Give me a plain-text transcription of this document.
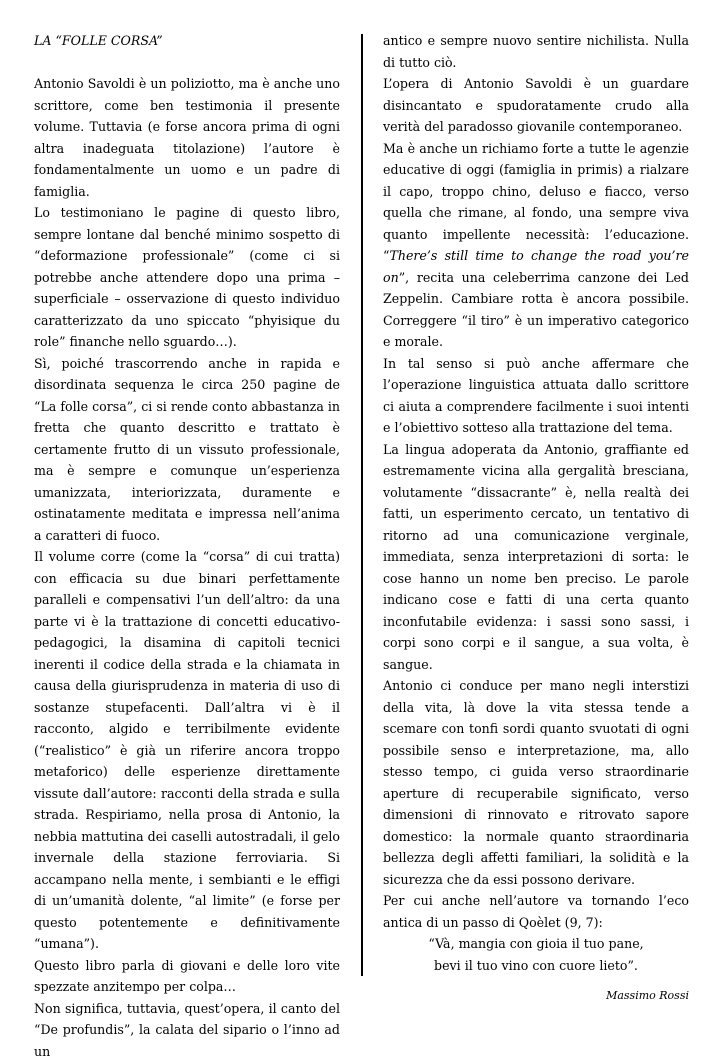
LA “FOLLE CORSA”

Antonio Savoldi è un poliziotto, ma è anche uno scrittore, come ben testimonia il presente volume. Tuttavia (e forse ancora prima di ogni altra inadeguata titolazione) l’autore è fondamentalmente un uomo e un padre di famiglia.

Lo testimoniano le pagine di questo libro, sempre lontane dal benché minimo sospetto di “deformazione professionale” (come ci si potrebbe anche attendere dopo una prima – superficiale – osservazione di questo individuo caratterizzato da uno spiccato “phyisique du role” finanche nello sguardo…).

Sì, poiché trascorrendo anche in rapida e disordinata sequenza le circa 250 pagine de “La folle corsa”, ci si rende conto abbastanza in fretta che quanto descritto e trattato è certamente frutto di un vissuto professionale, ma è sempre e comunque un’esperienza umanizzata, interiorizzata, duramente e ostinatamente meditata e impressa nell’anima a caratteri di fuoco.

Il volume corre (come la “corsa” di cui tratta) con efficacia su due binari perfettamente paralleli e compensativi l’un dell’altro: da una parte vi è la trattazione di concetti educativo-pedagogici, la disamina di capitoli tecnici inerenti il codice della strada e la chiamata in causa della giurisprudenza in materia di uso di sostanze stupefacenti. Dall’altra vi è il racconto, algido e terribilmente evidente (“realistico” è già un riferire ancora troppo metaforico) delle esperienze direttamente vissute dall’autore: racconti della strada e sulla strada. Respiriamo, nella prosa di Antonio, la nebbia mattutina dei caselli autostradali, il gelo invernale della stazione ferroviaria. Si accampano nella mente, i sembianti e le effigi di un’umanità dolente, “al limite” (e forse per questo potentemente e definitivamente “umana”).

Questo libro parla di giovani e delle loro vite spezzate anzitempo per colpa…

Non significa, tuttavia, quest’opera, il canto del “De profundis”, la calata del sipario o l’inno ad un

antico e sempre nuovo sentire nichilista. Nulla di tutto ciò.

L’opera di Antonio Savoldi è un guardare disincantato e spudoratamente crudo alla verità del paradosso giovanile contemporaneo.

Ma è anche un richiamo forte a tutte le agenzie educative di oggi (famiglia in primis) a rialzare il capo, troppo chino, deluso e fiacco, verso quella che rimane, al fondo, una sempre viva quanto impellente necessità: l’educazione. “There’s still time to change the road you’re on”, recita una celeberrima canzone dei Led Zeppelin. Cambiare rotta è ancora possibile. Correggere “il tiro” è un imperativo categorico e morale.

In tal senso si può anche affermare che l’operazione linguistica attuata dallo scrittore ci aiuta a comprendere facilmente i suoi intenti e l’obiettivo sotteso alla trattazione del tema.

La lingua adoperata da Antonio, graffiante ed estremamente vicina alla gergalità bresciana, volutamente “dissacrante” è, nella realtà dei fatti, un esperimento cercato, un tentativo di ritorno ad una comunicazione verginale, immediata, senza interpretazioni di sorta: le cose hanno un nome ben preciso. Le parole indicano cose e fatti di una certa quanto inconfutabile evidenza: i sassi sono sassi, i corpi sono corpi e il sangue, a sua volta, è sangue.

Antonio ci conduce per mano negli interstizi della vita, là dove la vita stessa tende a scemare con tonfi sordi quanto svuotati di ogni possibile senso e interpretazione, ma, allo stesso tempo, ci guida verso straordinarie aperture di recuperabile significato, verso dimensioni di rinnovato e ritrovato sapore domestico: la normale quanto straordinaria bellezza degli affetti familiari, la solidità e la sicurezza che da essi possono derivare.

Per cui anche nell’autore va tornando l’eco antica di un passo di Qoèlet (9, 7):

“Và, mangia con gioia il tuo pane,
bevi il tuo vino con cuore lieto”.
Massimo Rossi
